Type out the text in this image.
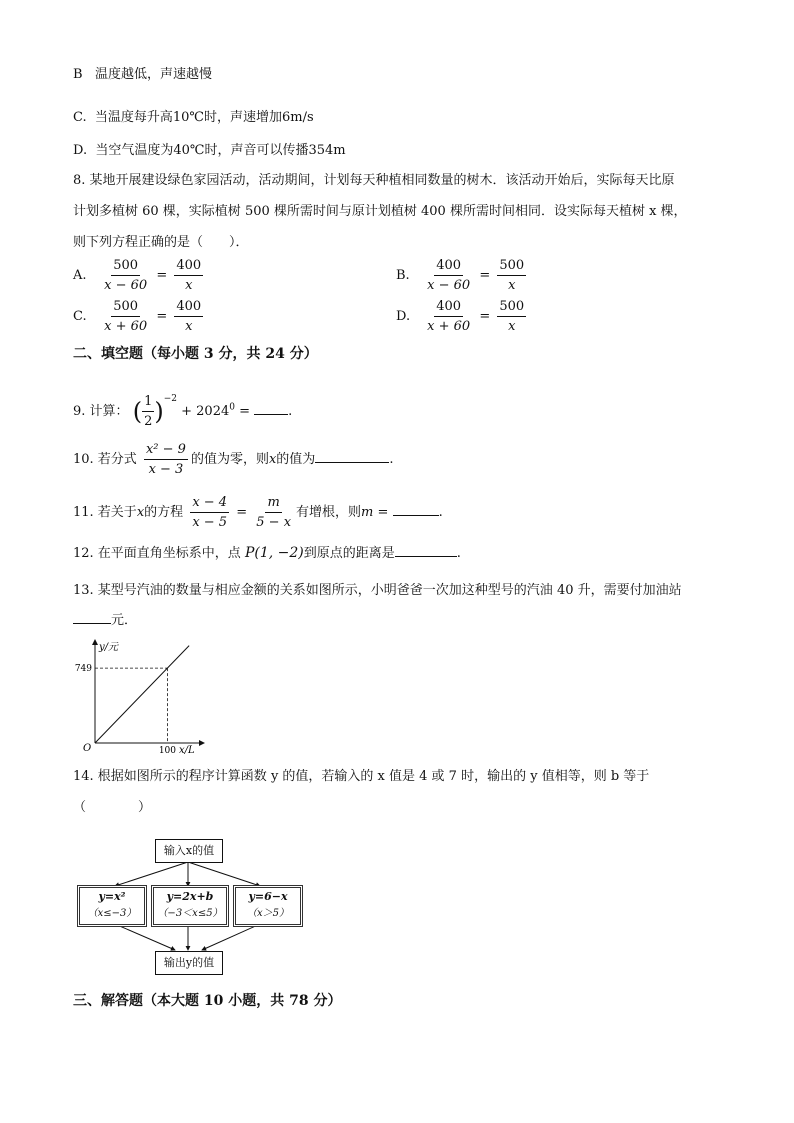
B 温度越低，声速越慢
C. 当温度每升高10℃时，声速增加6m/s
D. 当空气温度为40℃时，声音可以传播354m
8. 某地开展建设绿色家园活动，活动期间，计划每天种植相同数量的树木．该活动开始后，实际每天比原
计划多植树 60 棵，实际植树 500 棵所需时间与原计划植树 400 棵所需时间相同．设实际每天植树 x 棵，
则下列方程正确的是（　　）．
A. $\frac{500}{x - 60} = \frac{400}{x}$	B. $\frac{400}{x - 60} = \frac{500}{x}$
C. $\frac{500}{x + 60} = \frac{400}{x}$	D. $\frac{400}{x + 60} = \frac{500}{x}$
二、填空题（每小题 3 分，共 24 分）
9. 计算： ( $\frac{1}{2} )^{-2} + 2024^0$ =	.
10. 若分式 $\frac{\text{x² − 9}}{x - 3}$ 的值为零，则x的值为	.
11. 若关于x的方程 $\frac{x - 4}{x - 5} = \frac{m}{5 - x}$ 有增根，则m =	.
12. 在平面直角坐标系中，点 P(1, −2)到原点的距离是	.
13. 某型号汽油的数量与相应金额的关系如图所示，小明爸爸一次加这种型号的汽油 40 升，需要付加油站
元．
y/元
x/L
O	100
749
14. 根据如图所示的程序计算函数 y 的值，若输入的 x 值是 4 或 7 时，输出的 y 值相等，则 b 等于
（　　　　）
输入x的值
y=x²
（x≤−3）
y=2x+b
（−3＜x≤5）
y=6−x
（x＞5）
输出y的值
三、解答题（本大题 10 小题，共 78 分）
